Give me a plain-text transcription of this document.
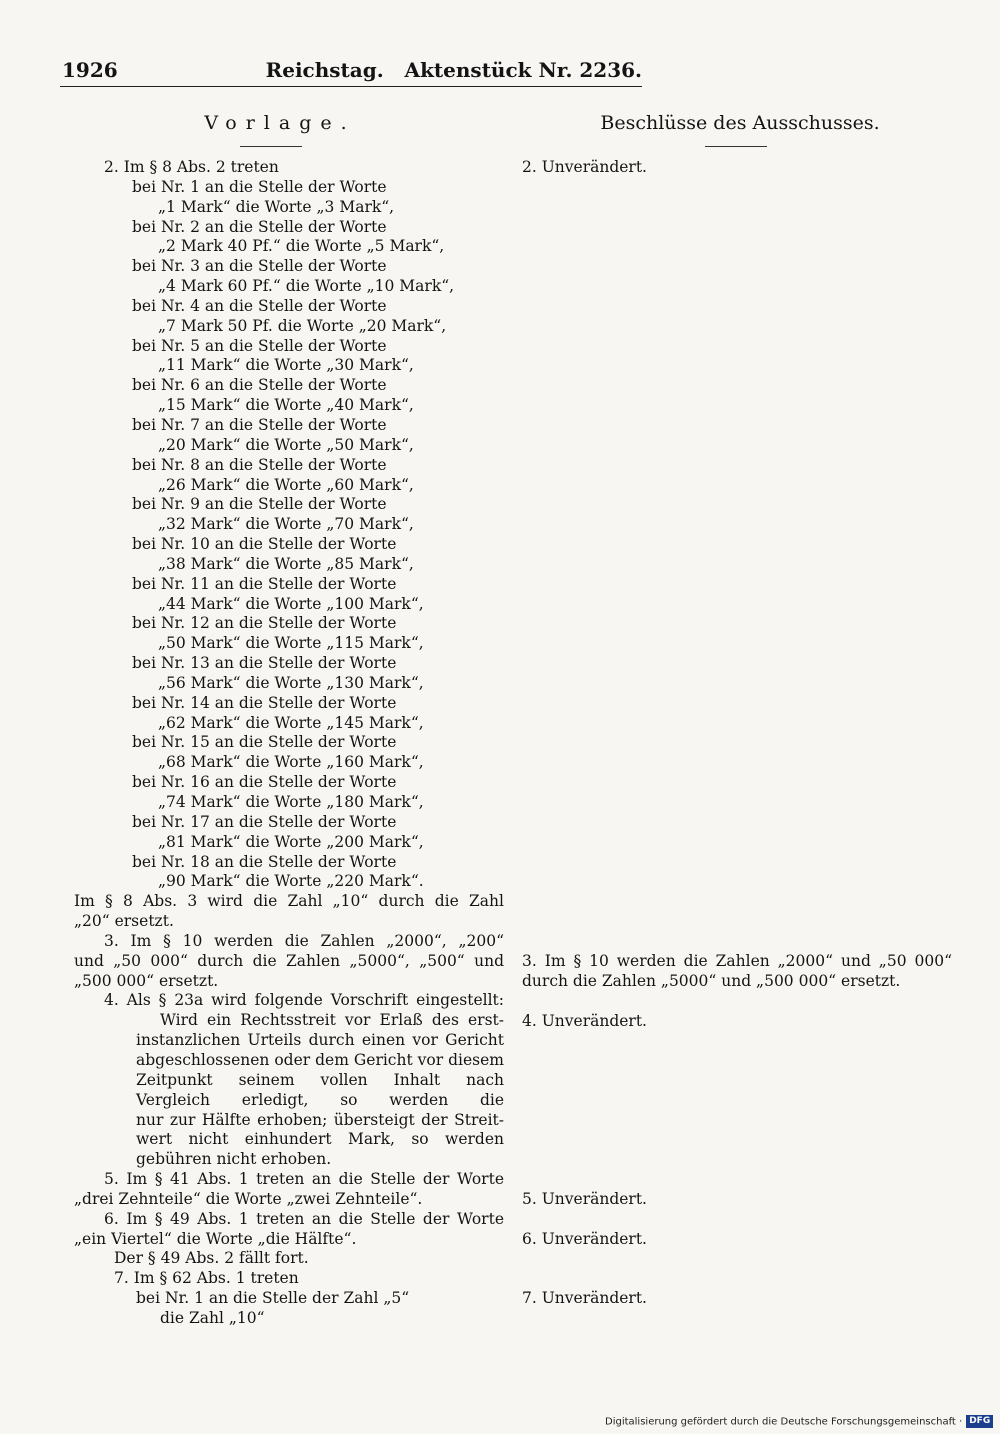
1926	Reichstag.   Aktenstück Nr. 2236.
Vorlage.	Beschlüsse des Ausschusses.
2. Im § 8 Abs. 2 treten
bei Nr. 1 an die Stelle der Worte
„1 Mark“ die Worte „3 Mark“,
bei Nr. 2 an die Stelle der Worte
„2 Mark 40 Pf.“ die Worte „5 Mark“,
bei Nr. 3 an die Stelle der Worte
„4 Mark 60 Pf.“ die Worte „10 Mark“,
bei Nr. 4 an die Stelle der Worte
„7 Mark 50 Pf. die Worte „20 Mark“,
bei Nr. 5 an die Stelle der Worte
„11 Mark“ die Worte „30 Mark“,
bei Nr. 6 an die Stelle der Worte
„15 Mark“ die Worte „40 Mark“,
bei Nr. 7 an die Stelle der Worte
„20 Mark“ die Worte „50 Mark“,
bei Nr. 8 an die Stelle der Worte
„26 Mark“ die Worte „60 Mark“,
bei Nr. 9 an die Stelle der Worte
„32 Mark“ die Worte „70 Mark“,
bei Nr. 10 an die Stelle der Worte
„38 Mark“ die Worte „85 Mark“,
bei Nr. 11 an die Stelle der Worte
„44 Mark“ die Worte „100 Mark“,
bei Nr. 12 an die Stelle der Worte
„50 Mark“ die Worte „115 Mark“,
bei Nr. 13 an die Stelle der Worte
„56 Mark“ die Worte „130 Mark“,
bei Nr. 14 an die Stelle der Worte
„62 Mark“ die Worte „145 Mark“,
bei Nr. 15 an die Stelle der Worte
„68 Mark“ die Worte „160 Mark“,
bei Nr. 16 an die Stelle der Worte
„74 Mark“ die Worte „180 Mark“,
bei Nr. 17 an die Stelle der Worte
„81 Mark“ die Worte „200 Mark“,
bei Nr. 18 an die Stelle der Worte
„90 Mark“ die Worte „220 Mark“.
Im § 8 Abs. 3 wird die Zahl „10“ durch die Zahl
„20“ ersetzt.
3. Im § 10 werden die Zahlen „2000“, „200“
und „50 000“ durch die Zahlen „5000“, „500“ und
„500 000“ ersetzt.
4. Als § 23a wird folgende Vorschrift eingestellt:
Wird ein Rechtsstreit vor Erlaß des erst-
instanzlichen Urteils durch einen vor Gericht
abgeschlossenen oder dem Gericht vor diesem
Zeitpunkt seinem vollen Inhalt nach
Vergleich erledigt, so werden die
nur zur Hälfte erhoben; übersteigt der Streit-
wert nicht einhundert Mark, so werden
gebühren nicht erhoben.
5. Im § 41 Abs. 1 treten an die Stelle der Worte
„drei Zehnteile“ die Worte „zwei Zehnteile“.
6. Im § 49 Abs. 1 treten an die Stelle der Worte
„ein Viertel“ die Worte „die Hälfte“.
Der § 49 Abs. 2 fällt fort.
7. Im § 62 Abs. 1 treten
bei Nr. 1 an die Stelle der Zahl „5“
die Zahl „10“
2. Unverändert.
3. Im § 10 werden die Zahlen „2000“ und „50 000“
durch die Zahlen „5000“ und „500 000“ ersetzt.
4. Unverändert.
5. Unverändert.
6. Unverändert.
7. Unverändert.
Digitalisierung gefördert durch die Deutsche Forschungsgemeinschaft · DFG
